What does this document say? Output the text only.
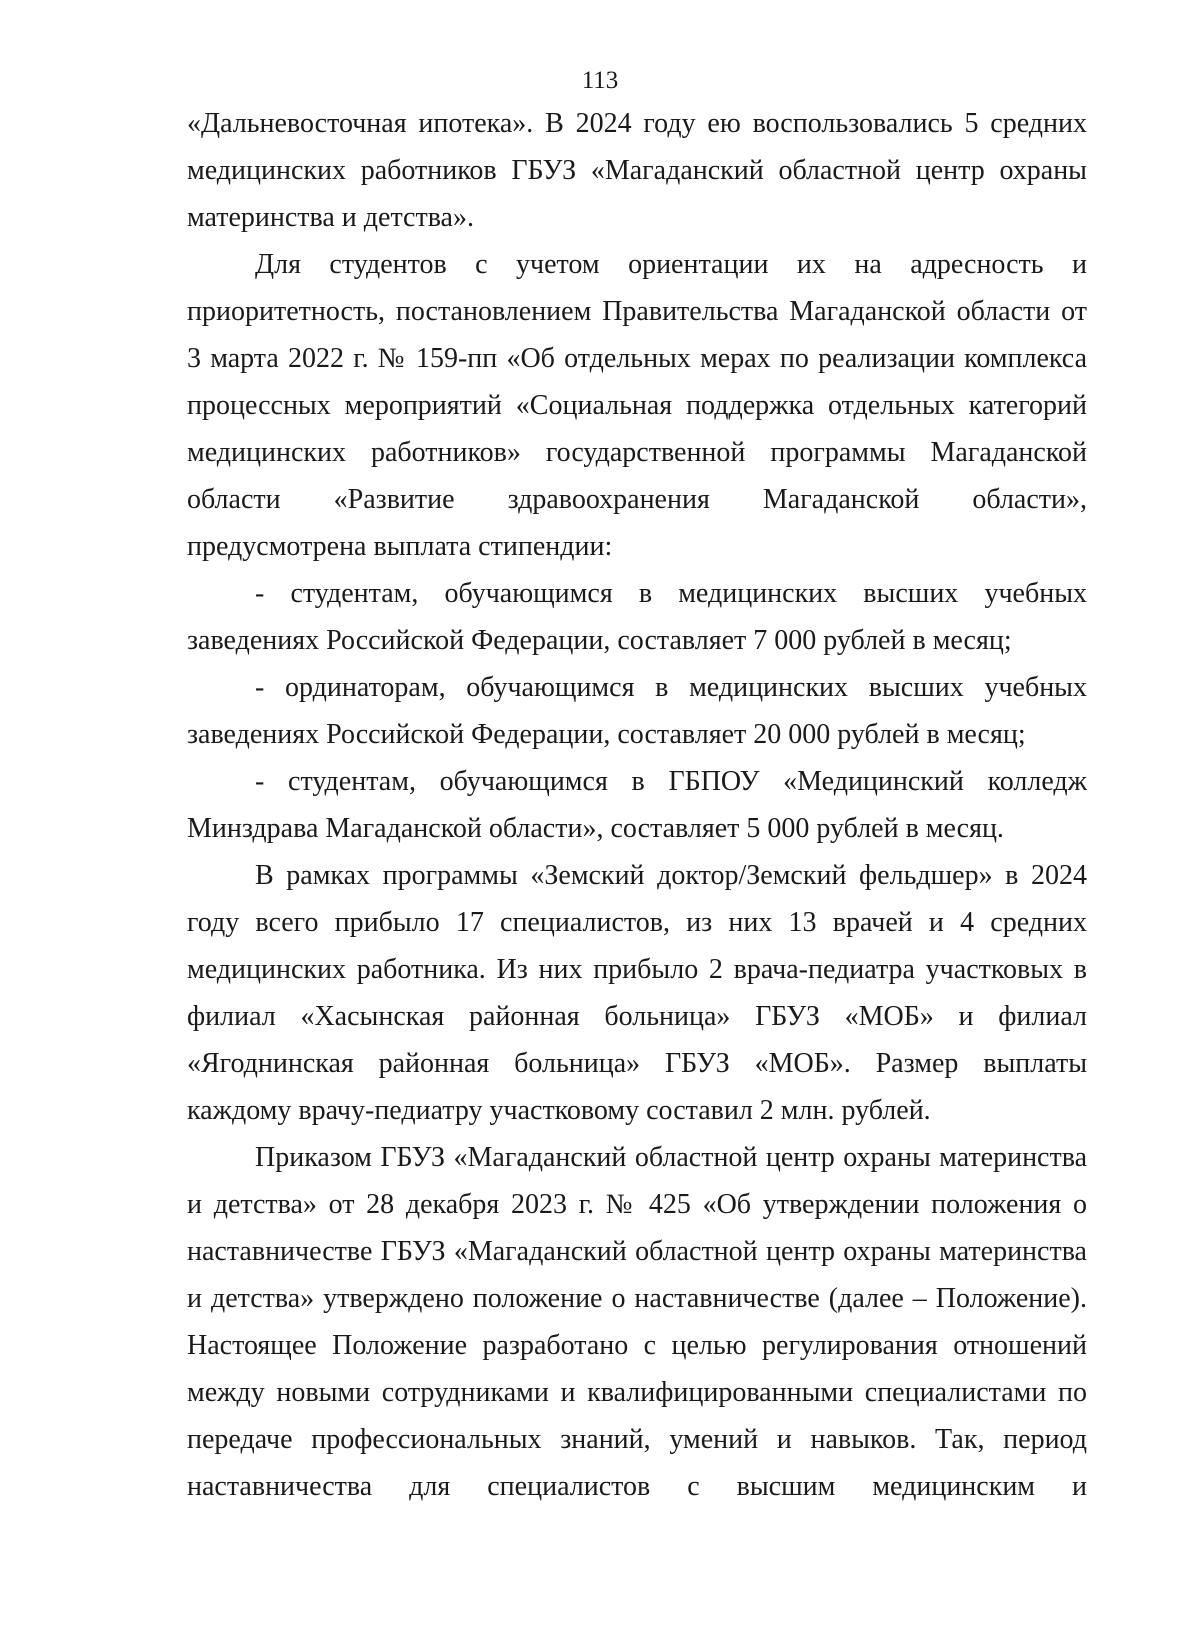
113

«Дальневосточная ипотека». В 2024 году ею воспользовались 5 средних медицинских работников ГБУЗ «Магаданский областной центр охраны материнства и детства».

Для студентов с учетом ориентации их на адресность и приоритетность, постановлением Правительства Магаданской области от 3 марта 2022 г. № 159-пп «Об отдельных мерах по реализации комплекса процессных мероприятий «Социальная поддержка отдельных категорий медицинских работников» государственной программы Магаданской области «Развитие здравоохранения Магаданской области», предусмотрена выплата стипендии:

- студентам, обучающимся в медицинских высших учебных заведениях Российской Федерации, составляет 7 000 рублей в месяц;

- ординаторам, обучающимся в медицинских высших учебных заведениях Российской Федерации, составляет 20 000 рублей в месяц;

- студентам, обучающимся в ГБПОУ «Медицинский колледж Минздрава Магаданской области», составляет 5 000 рублей в месяц.

В рамках программы «Земский доктор/Земский фельдшер» в 2024 году всего прибыло 17 специалистов, из них 13 врачей и 4 средних медицинских работника. Из них прибыло 2 врача-педиатра участковых в филиал «Хасынская районная больница» ГБУЗ «МОБ» и филиал «Ягоднинская районная больница» ГБУЗ «МОБ». Размер выплаты каждому врачу-педиатру участковому составил 2 млн. рублей.

Приказом ГБУЗ «Магаданский областной центр охраны материнства и детства» от 28 декабря 2023 г. № 425 «Об утверждении положения о наставничестве ГБУЗ «Магаданский областной центр охраны материнства и детства» утверждено положение о наставничестве (далее – Положение). Настоящее Положение разработано с целью регулирования отношений между новыми сотрудниками и квалифицированными специалистами по передаче профессиональных знаний, умений и навыков. Так, период наставничества для специалистов с высшим медицинским и
